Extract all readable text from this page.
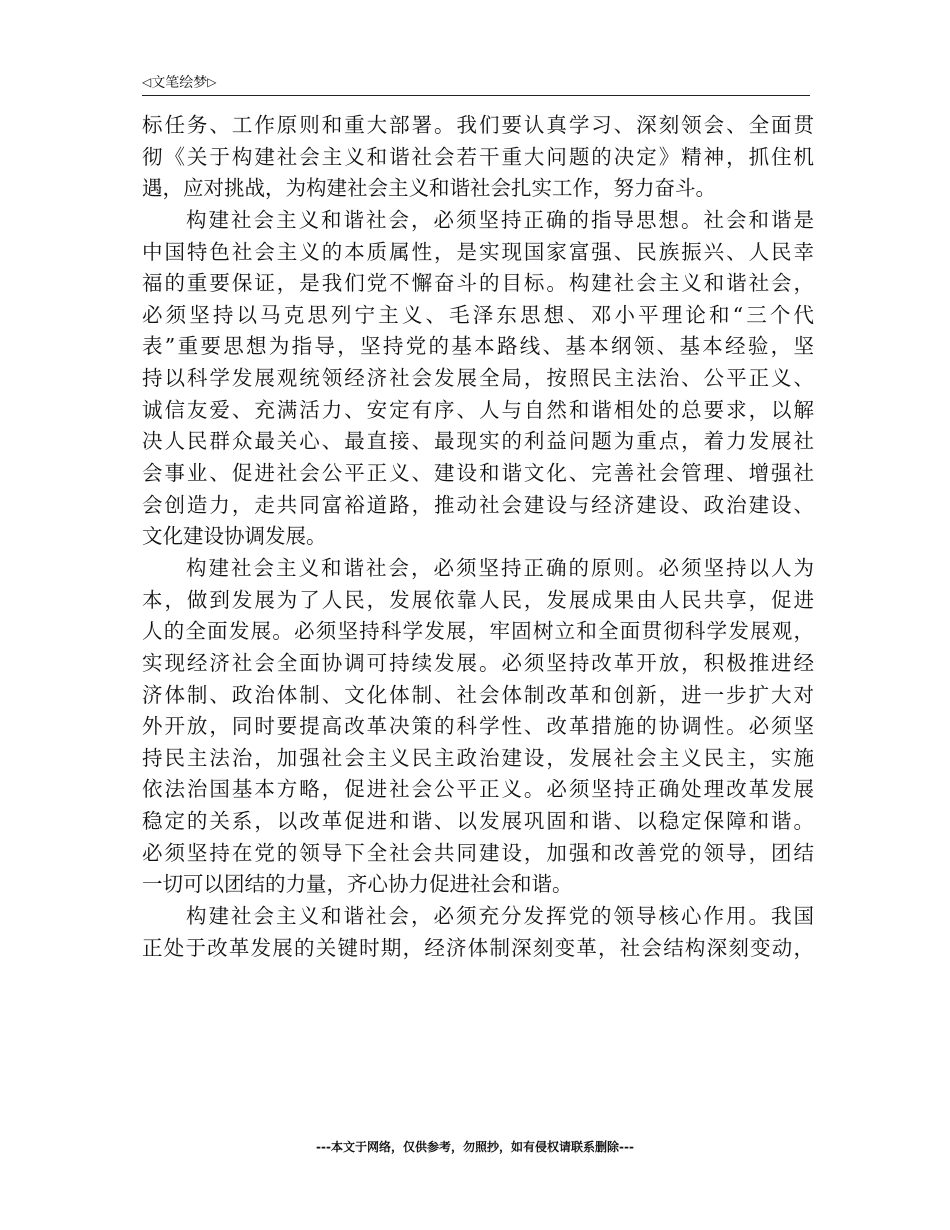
◁文笔绘梦▷
标任务、工作原则和重大部署。我们要认真学习、深刻领会、全面贯
彻《关于构建社会主义和谐社会若干重大问题的决定》精神，抓住机
遇，应对挑战，为构建社会主义和谐社会扎实工作，努力奋斗。
构建社会主义和谐社会，必须坚持正确的指导思想。社会和谐是
中国特色社会主义的本质属性，是实现国家富强、民族振兴、人民幸
福的重要保证，是我们党不懈奋斗的目标。构建社会主义和谐社会，
必须坚持以马克思列宁主义、毛泽东思想、邓小平理论和“三个代
表”重要思想为指导，坚持党的基本路线、基本纲领、基本经验，坚
持以科学发展观统领经济社会发展全局，按照民主法治、公平正义、
诚信友爱、充满活力、安定有序、人与自然和谐相处的总要求，以解
决人民群众最关心、最直接、最现实的利益问题为重点，着力发展社
会事业、促进社会公平正义、建设和谐文化、完善社会管理、增强社
会创造力，走共同富裕道路，推动社会建设与经济建设、政治建设、
文化建设协调发展。
构建社会主义和谐社会，必须坚持正确的原则。必须坚持以人为
本，做到发展为了人民，发展依靠人民，发展成果由人民共享，促进
人的全面发展。必须坚持科学发展，牢固树立和全面贯彻科学发展观，
实现经济社会全面协调可持续发展。必须坚持改革开放，积极推进经
济体制、政治体制、文化体制、社会体制改革和创新，进一步扩大对
外开放，同时要提高改革决策的科学性、改革措施的协调性。必须坚
持民主法治，加强社会主义民主政治建设，发展社会主义民主，实施
依法治国基本方略，促进社会公平正义。必须坚持正确处理改革发展
稳定的关系，以改革促进和谐、以发展巩固和谐、以稳定保障和谐。
必须坚持在党的领导下全社会共同建设，加强和改善党的领导，团结
一切可以团结的力量，齐心协力促进社会和谐。
构建社会主义和谐社会，必须充分发挥党的领导核心作用。我国
正处于改革发展的关键时期，经济体制深刻变革，社会结构深刻变动，
---本文于网络，仅供参考，勿照抄，如有侵权请联系删除---
